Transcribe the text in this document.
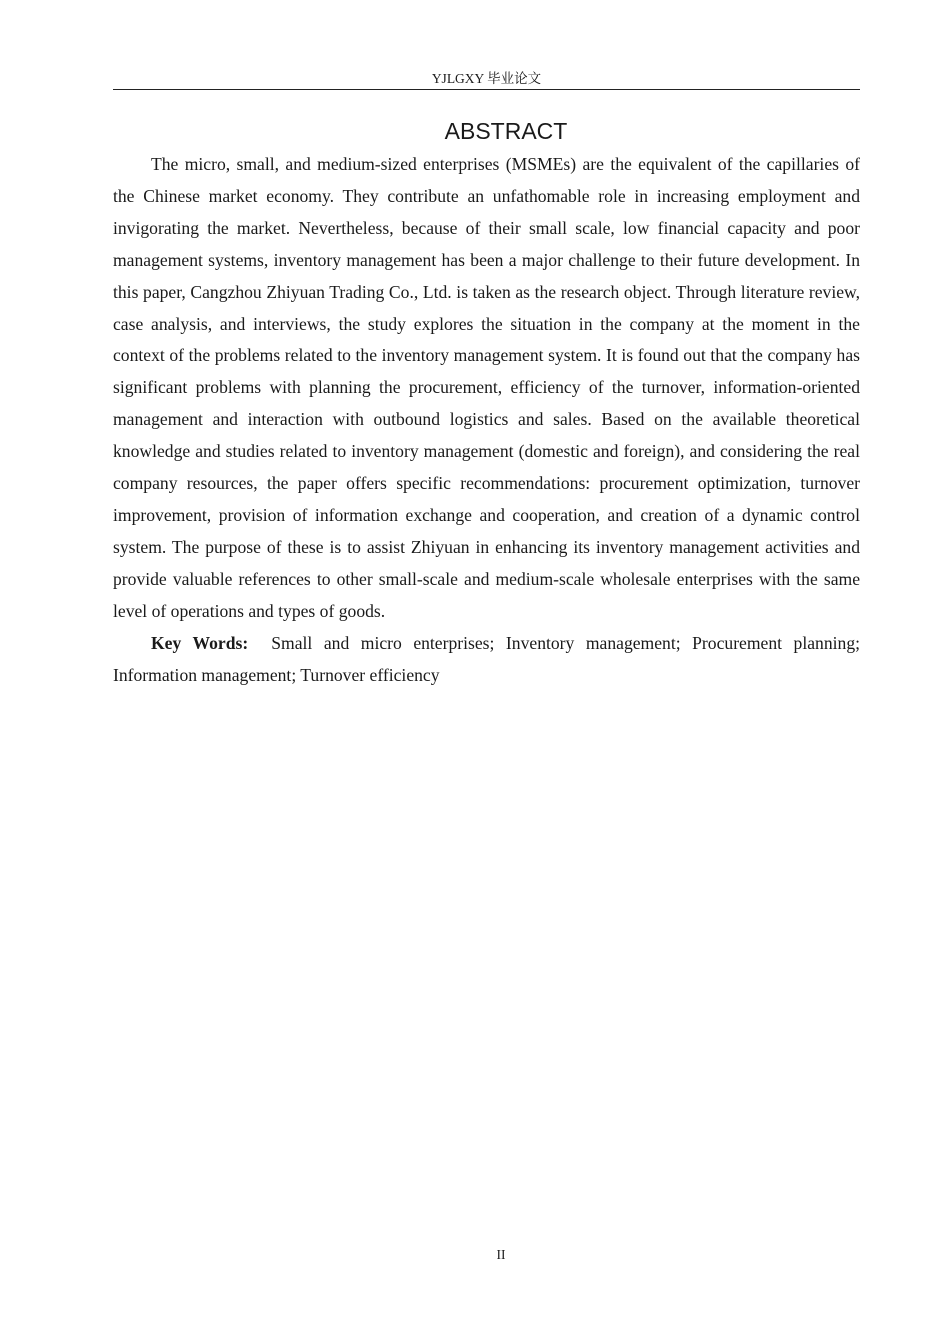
YJLGXY 毕业论文
ABSTRACT

The micro, small, and medium-sized enterprises (MSMEs) are the equivalent of the capillaries of the Chinese market economy. They contribute an unfathomable role in increasing employment and invigorating the market. Nevertheless, because of their small scale, low financial capacity and poor management systems, inventory management has been a major challenge to their future development. In this paper, Cangzhou Zhiyuan Trading Co., Ltd. is taken as the research object. Through literature review, case analysis, and interviews, the study explores the situation in the company at the moment in the context of the problems related to the inventory management system. It is found out that the company has significant problems with planning the procurement, efficiency of the turnover, information-oriented management and interaction with outbound logistics and sales. Based on the available theoretical knowledge and studies related to inventory management (domestic and foreign), and considering the real company resources, the paper offers specific recommendations: procurement optimization, turnover improvement, provision of information exchange and cooperation, and creation of a dynamic control system. The purpose of these is to assist Zhiyuan in enhancing its inventory management activities and provide valuable references to other small-scale and medium-scale wholesale enterprises with the same level of operations and types of goods.

Key Words: Small and micro enterprises; Inventory management; Procurement planning; Information management; Turnover efficiency

II
